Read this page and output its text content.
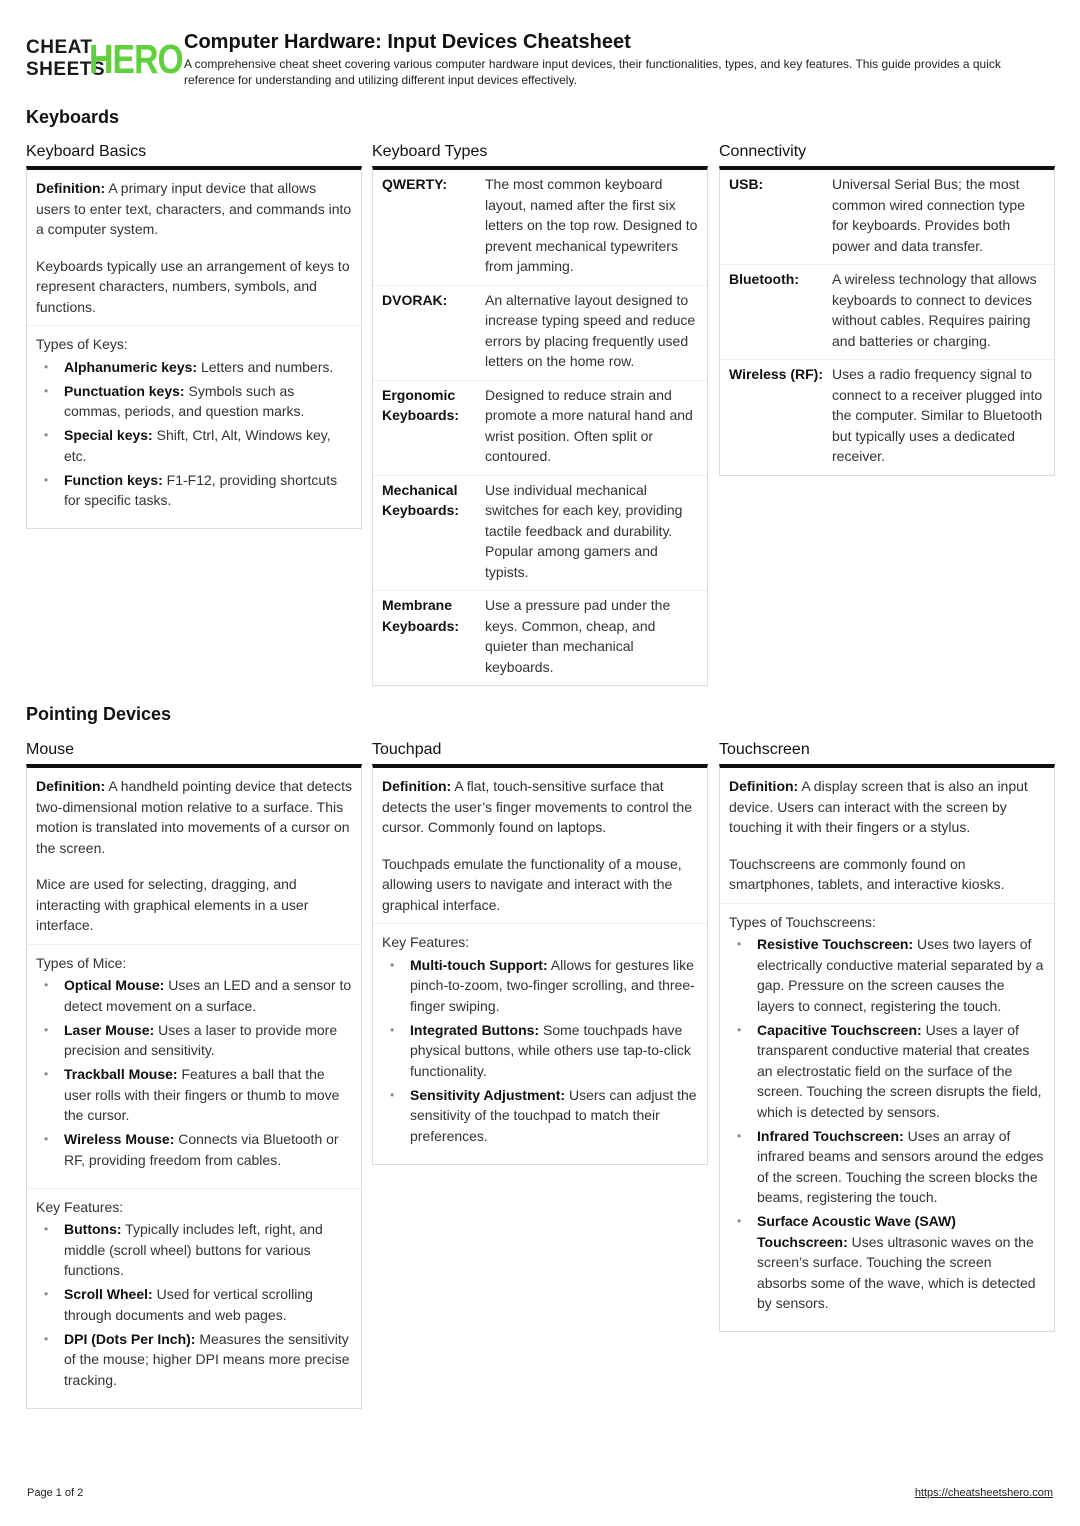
CHEAT
SHEETS
HERO Computer Hardware: Input Devices Cheatsheet
A comprehensive cheat sheet covering various computer hardware input devices, their functionalities, types, and key features. This guide provides a quick reference for understanding and utilizing different input devices effectively.
Keyboards
Keyboard Basics

Definition: A primary input device that allows users to enter text, characters, and commands into a computer system.

Keyboards typically use an arrangement of keys to represent characters, numbers, symbols, and functions.

Types of Keys:
• Alphanumeric keys: Letters and numbers.
• Punctuation keys: Symbols such as commas, periods, and question marks.
• Special keys: Shift, Ctrl, Alt, Windows key, etc.
• Function keys: F1-F12, providing shortcuts for specific tasks.
Keyboard Types
QWERTY:	The most common keyboard layout, named after the first six letters on the top row. Designed to prevent mechanical typewriters from jamming.
DVORAK:	An alternative layout designed to increase typing speed and reduce errors by placing frequently used letters on the home row.
Ergonomic Keyboards:
Designed to reduce strain and promote a more natural hand and wrist position. Often split or contoured.
Mechanical Keyboards:
Use individual mechanical switches for each key, providing tactile feedback and durability. Popular among gamers and typists.
Membrane Keyboards:
Use a pressure pad under the keys. Common, cheap, and quieter than mechanical keyboards.
Connectivity
USB:	Universal Serial Bus; the most common wired connection type for keyboards. Provides both power and data transfer.
Bluetooth:	A wireless technology that allows keyboards to connect to devices without cables. Requires pairing and batteries or charging.
Wireless (RF): Uses a radio frequency signal to connect to a receiver plugged into the computer. Similar to Bluetooth but typically uses a dedicated receiver.
Pointing Devices
Mouse

Definition: A handheld pointing device that detects two-dimensional motion relative to a surface. This motion is translated into movements of a cursor on the screen.

Mice are used for selecting, dragging, and interacting with graphical elements in a user interface.

Types of Mice:
• Optical Mouse: Uses an LED and a sensor to detect movement on a surface.
• Laser Mouse: Uses a laser to provide more precision and sensitivity.
• Trackball Mouse: Features a ball that the user rolls with their fingers or thumb to move the cursor.
• Wireless Mouse: Connects via Bluetooth or RF, providing freedom from cables.
Key Features:
• Buttons: Typically includes left, right, and middle (scroll wheel) buttons for various functions.
• Scroll Wheel: Used for vertical scrolling through documents and web pages.
• DPI (Dots Per Inch): Measures the sensitivity of the mouse; higher DPI means more precise tracking.
Touchpad

Definition: A flat, touch-sensitive surface that detects the user’s finger movements to control the cursor. Commonly found on laptops.

Touchpads emulate the functionality of a mouse, allowing users to navigate and interact with the graphical interface.

Key Features:
• Multi-touch Support: Allows for gestures like pinch-to-zoom, two-finger scrolling, and three-finger swiping.
• Integrated Buttons: Some touchpads have physical buttons, while others use tap-to-click functionality.
• Sensitivity Adjustment: Users can adjust the sensitivity of the touchpad to match their preferences.
Touchscreen

Definition: A display screen that is also an input device. Users can interact with the screen by touching it with their fingers or a stylus.

Touchscreens are commonly found on smartphones, tablets, and interactive kiosks.

Types of Touchscreens:
• Resistive Touchscreen: Uses two layers of electrically conductive material separated by a gap. Pressure on the screen causes the layers to connect, registering the touch.
• Capacitive Touchscreen: Uses a layer of transparent conductive material that creates an electrostatic field on the surface of the screen. Touching the screen disrupts the field, which is detected by sensors.
• Infrared Touchscreen: Uses an array of infrared beams and sensors around the edges of the screen. Touching the screen blocks the beams, registering the touch.
• Surface Acoustic Wave (SAW) Touchscreen: Uses ultrasonic waves on the screen’s surface. Touching the screen absorbs some of the wave, which is detected by sensors.
Page 1 of 2	https://cheatsheetshero.com
